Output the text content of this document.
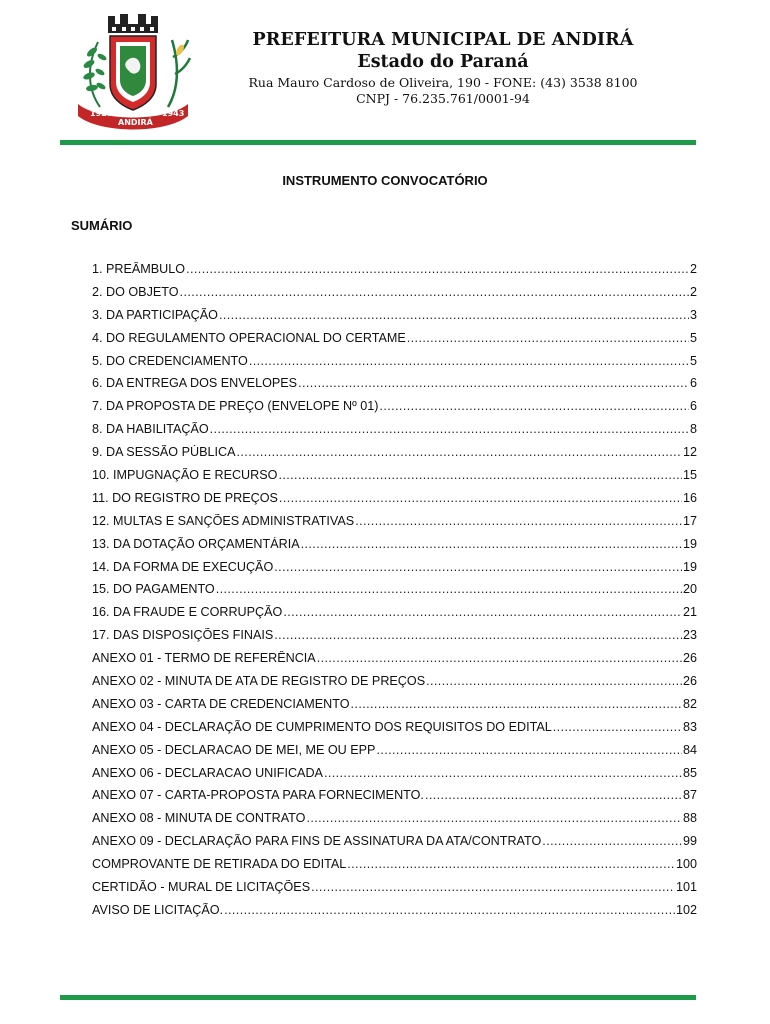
1927
ANDIRÁ
1943
PREFEITURA MUNICIPAL DE ANDIRÁ
Estado do Paraná
Rua Mauro Cardoso de Oliveira, 190 - FONE: (43) 3538 8100
CNPJ - 76.235.761/0001-94
INSTRUMENTO CONVOCATÓRIO
SUMÁRIO
1. PREÂMBULO .....	2
2. DO OBJETO .....	2
3. DA PARTICIPAÇÃO .....	3
4. DO REGULAMENTO OPERACIONAL DO CERTAME .....	5
5. DO CREDENCIAMENTO .....	5
6. DA ENTREGA DOS ENVELOPES .....	6
7. DA PROPOSTA DE PREÇO (ENVELOPE Nº 01) .....	6
8. DA HABILITAÇÃO .....	8
9. DA SESSÃO PÚBLICA .....	12
10. IMPUGNAÇÃO E RECURSO .....	15
11. DO REGISTRO DE PREÇOS .....	16
12. MULTAS E SANÇÕES ADMINISTRATIVAS .....	17
13. DA DOTAÇÃO ORÇAMENTÁRIA .....	19
14. DA FORMA DE EXECUÇÃO .....	19
15. DO PAGAMENTO .....	20
16. DA FRAUDE E CORRUPÇÃO .....	21
17. DAS DISPOSIÇÕES FINAIS .....	23
ANEXO 01 - TERMO DE REFERÊNCIA .....	26
ANEXO 02 - MINUTA DE ATA DE REGISTRO DE PREÇOS .....	26
ANEXO 03 - CARTA DE CREDENCIAMENTO .....	82
ANEXO 04 - DECLARAÇÃO DE CUMPRIMENTO DOS REQUISITOS DO EDITAL .....	83
ANEXO 05 - DECLARACAO DE MEI, ME OU EPP .....	84
ANEXO 06 - DECLARACAO UNIFICADA .....	85
ANEXO 07 - CARTA-PROPOSTA PARA FORNECIMENTO. .....	87
ANEXO 08 - MINUTA DE CONTRATO .....	88
ANEXO 09 - DECLARAÇÃO PARA FINS DE ASSINATURA DA ATA/CONTRATO .....	99
COMPROVANTE DE RETIRADA DO EDITAL .....	100
CERTIDÃO - MURAL DE LICITAÇÕES .....	101
AVISO DE LICITAÇÃO. .....	102
